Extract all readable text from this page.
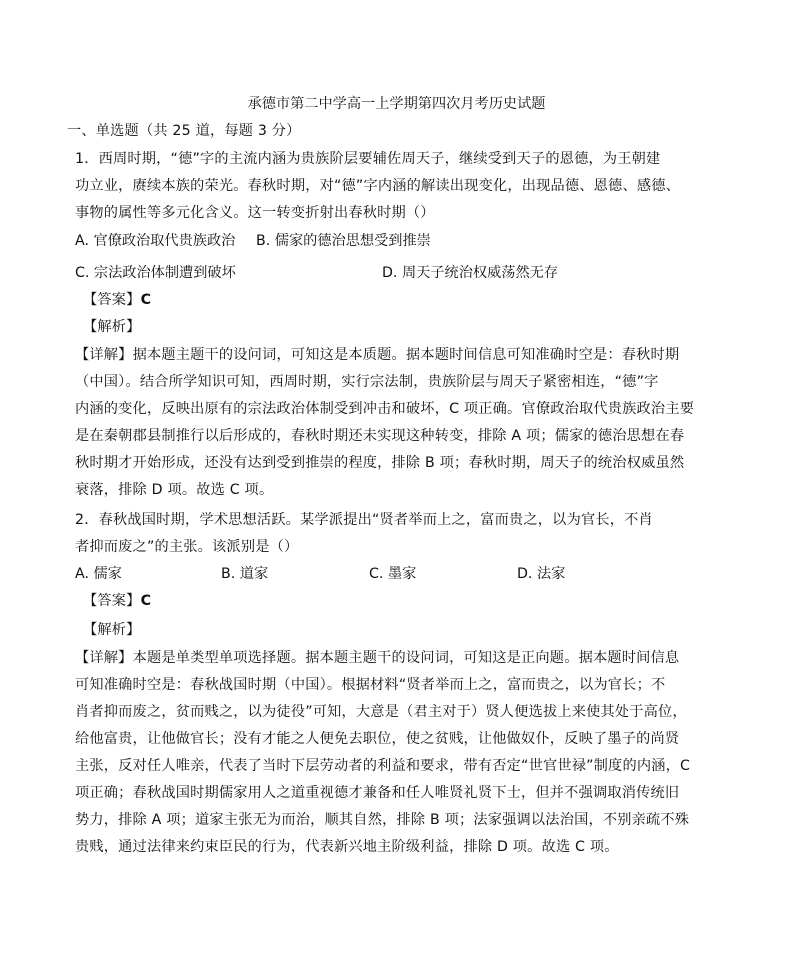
承德市第二中学高一上学期第四次月考历史试题
一、单选题（共 25 道，每题 3 分）
1．西周时期，“德”字的主流内涵为贵族阶层要辅佐周天子，继续受到天子的恩德，为王朝建
功立业，赓续本族的荣光。春秋时期，对“德”字内涵的解读出现变化，出现品德、恩德、感德、
事物的属性等多元化含义。这一转变折射出春秋时期（）
A. 官僚政治取代贵族政治 B. 儒家的德治思想受到推崇
C. 宗法政治体制遭到破坏	D. 周天子统治权威荡然无存
【答案】C
【解析】
【详解】据本题主题干的设问词，可知这是本质题。据本题时间信息可知准确时空是：春秋时期
（中国）。结合所学知识可知，西周时期，实行宗法制，贵族阶层与周天子紧密相连，“德”字
内涵的变化，反映出原有的宗法政治体制受到冲击和破坏，C 项正确。官僚政治取代贵族政治主要
是在秦朝郡县制推行以后形成的，春秋时期还未实现这种转变，排除 A 项；儒家的德治思想在春
秋时期才开始形成，还没有达到受到推崇的程度，排除 B 项；春秋时期，周天子的统治权威虽然
衰落，排除 D 项。故选 C 项。
2．春秋战国时期，学术思想活跃。某学派提出“贤者举而上之，富而贵之，以为官长，不肖
者抑而废之”的主张。该派别是（）
A. 儒家	B. 道家	C. 墨家	D. 法家
【答案】C
【解析】
【详解】本题是单类型单项选择题。据本题主题干的设问词，可知这是正向题。据本题时间信息
可知准确时空是：春秋战国时期（中国）。根据材料“贤者举而上之，富而贵之，以为官长；不
肖者抑而废之，贫而贱之，以为徒役”可知，大意是（君主对于）贤人便选拔上来使其处于高位，
给他富贵，让他做官长；没有才能之人便免去职位，使之贫贱，让他做奴仆，反映了墨子的尚贤
主张，反对任人唯亲，代表了当时下层劳动者的利益和要求，带有否定“世官世禄”制度的内涵，C
项正确；春秋战国时期儒家用人之道重视德才兼备和任人唯贤礼贤下士，但并不强调取消传统旧
势力，排除 A 项；道家主张无为而治，顺其自然，排除 B 项；法家强调以法治国，不别亲疏不殊
贵贱，通过法律来约束臣民的行为，代表新兴地主阶级利益，排除 D 项。故选 C 项。
